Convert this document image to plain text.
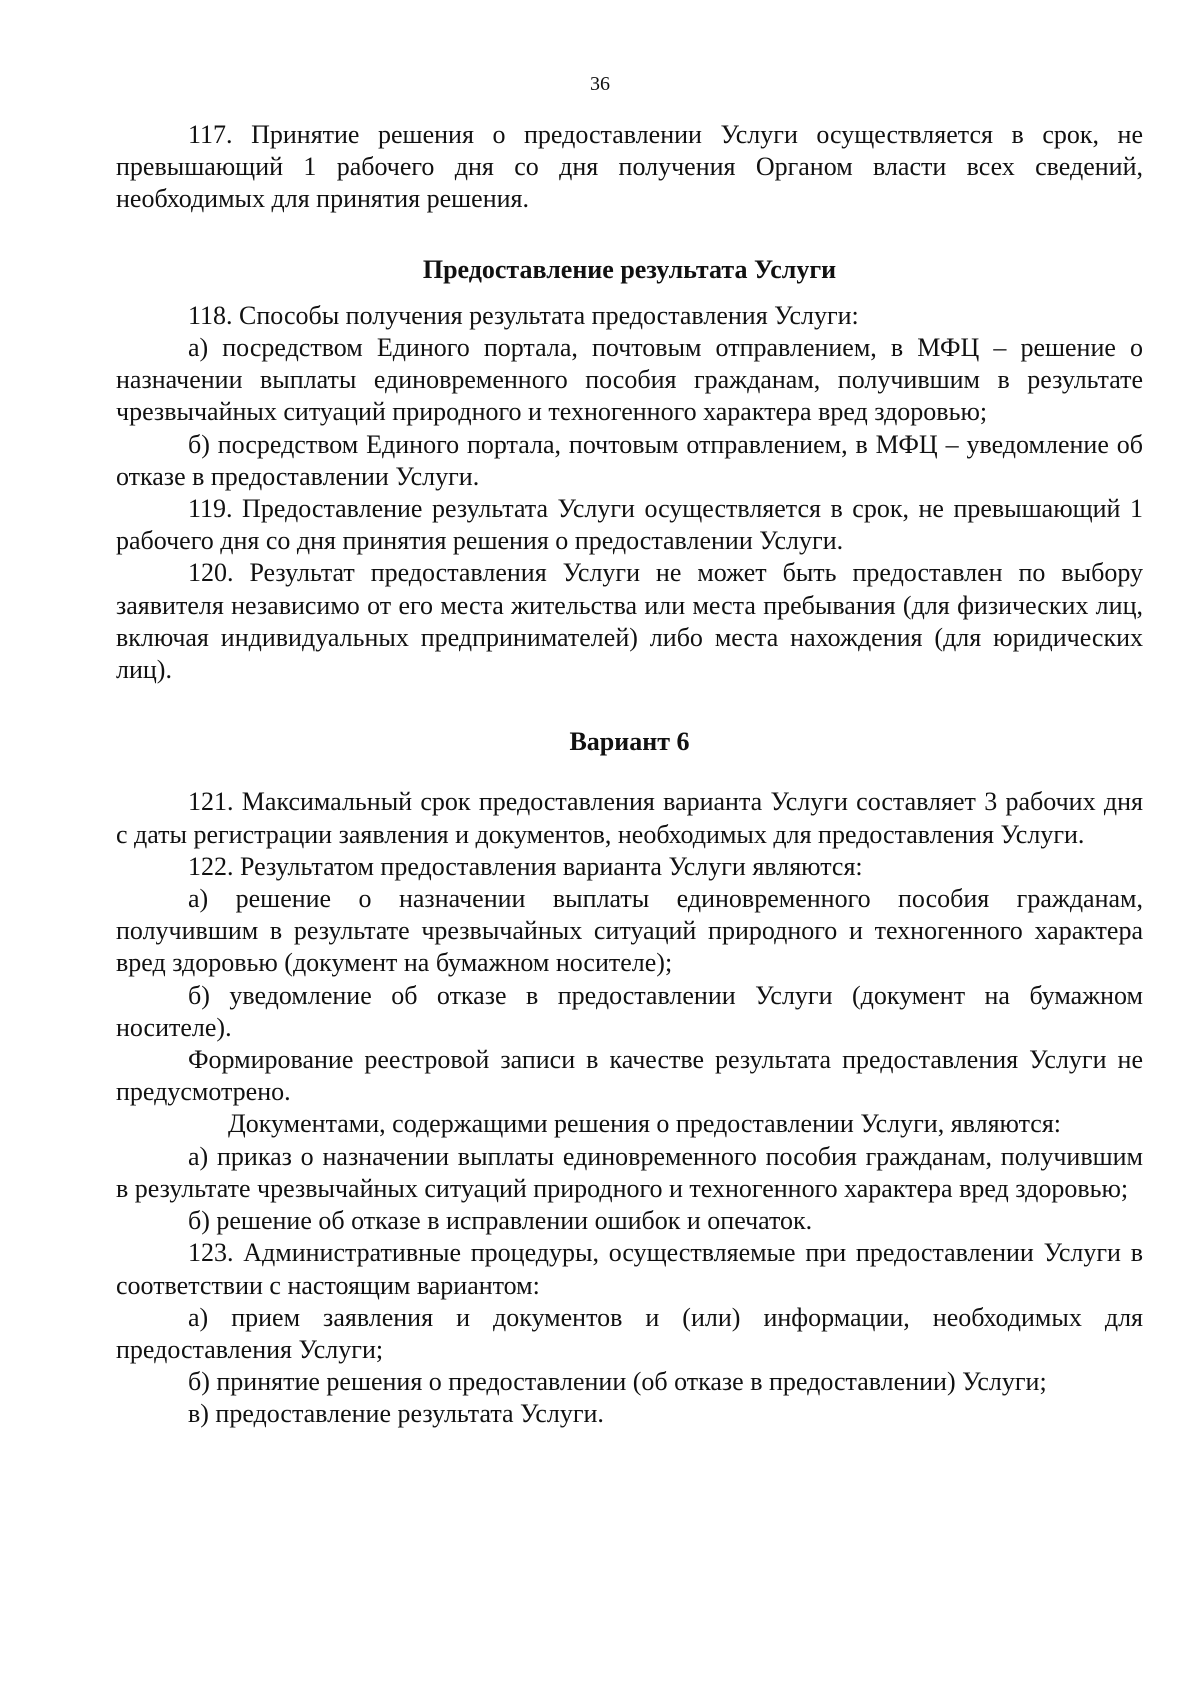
36

117. Принятие решения о предоставлении Услуги осуществляется в срок, не превышающий 1 рабочего дня со дня получения Органом власти всех сведений, необходимых для принятия решения.

Предоставление результата Услуги

118. Способы получения результата предоставления Услуги:

а) посредством Единого портала, почтовым отправлением, в МФЦ – решение о назначении выплаты единовременного пособия гражданам, получившим в результате чрезвычайных ситуаций природного и техногенного характера вред здоровью;

б) посредством Единого портала, почтовым отправлением, в МФЦ – уведомление об отказе в предоставлении Услуги.

119. Предоставление результата Услуги осуществляется в срок, не превышающий 1 рабочего дня со дня принятия решения о предоставлении Услуги.

120. Результат предоставления Услуги не может быть предоставлен по выбору заявителя независимо от его места жительства или места пребывания (для физических лиц, включая индивидуальных предпринимателей) либо места нахождения (для юридических лиц).

Вариант 6

121. Максимальный срок предоставления варианта Услуги составляет 3 рабочих дня с даты регистрации заявления и документов, необходимых для предоставления Услуги.

122. Результатом предоставления варианта Услуги являются:

а) решение о назначении выплаты единовременного пособия гражданам, получившим в результате чрезвычайных ситуаций природного и техногенного характера вред здоровью (документ на бумажном носителе);

б) уведомление об отказе в предоставлении Услуги (документ на бумажном носителе).

Формирование реестровой записи в качестве результата предоставления Услуги не предусмотрено.

Документами, содержащими решения о предоставлении Услуги, являются:

а) приказ о назначении выплаты единовременного пособия гражданам, получившим в результате чрезвычайных ситуаций природного и техногенного характера вред здоровью;

б) решение об отказе в исправлении ошибок и опечаток.

123. Административные процедуры, осуществляемые при предоставлении Услуги в соответствии с настоящим вариантом:

а) прием заявления и документов и (или) информации, необходимых для предоставления Услуги;

б) принятие решения о предоставлении (об отказе в предоставлении) Услуги;

в) предоставление результата Услуги.
